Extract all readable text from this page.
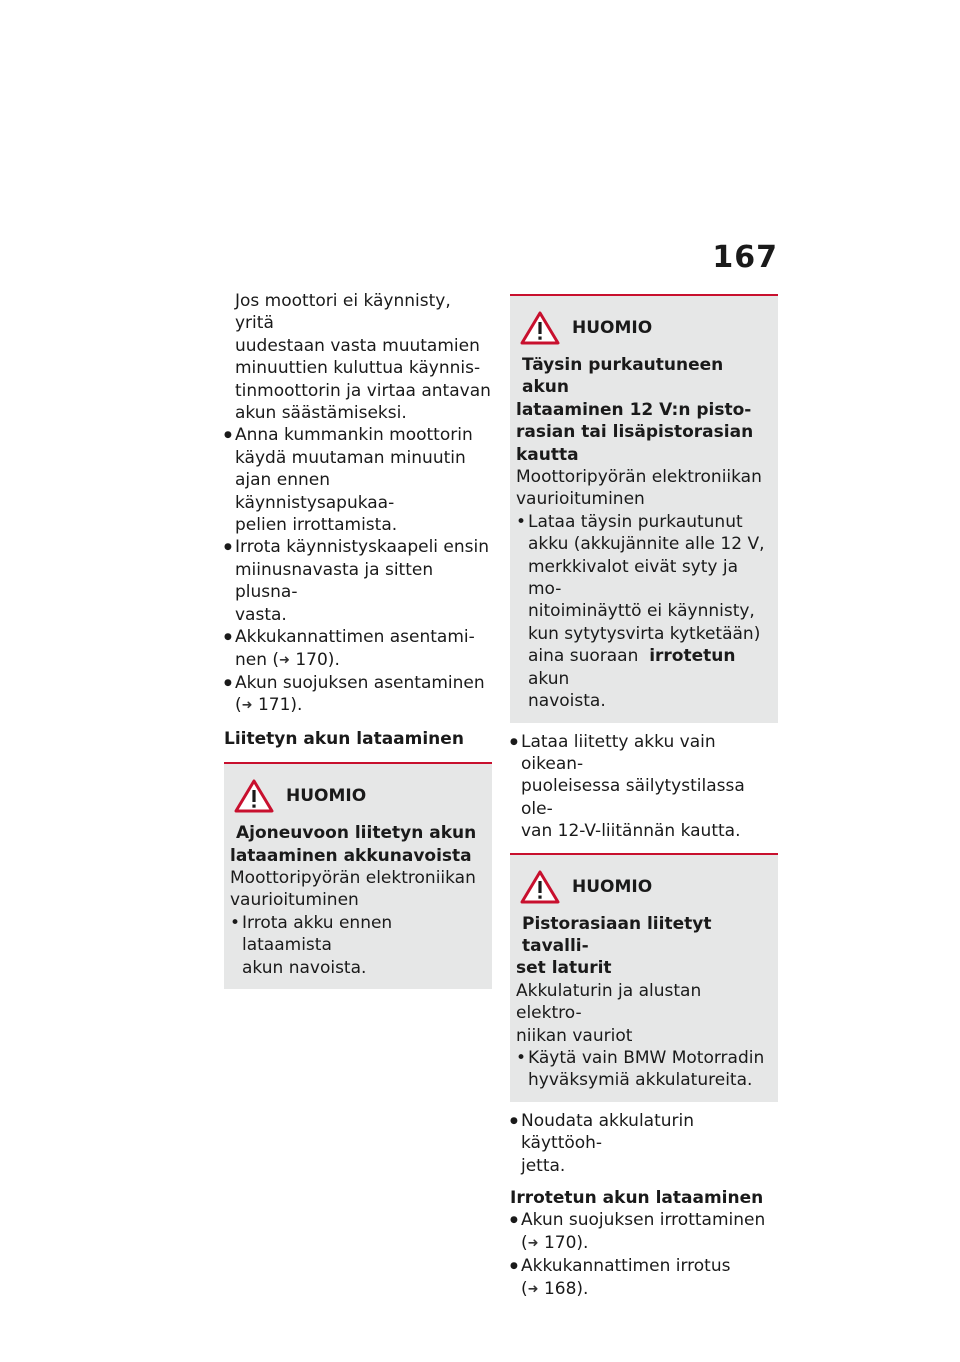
167
Jos moottori ei käynnisty, yritä
uudestaan vasta muutamien
minuuttien kuluttua käynnis-
tinmoottorin ja virtaa antavan
akun säästämiseksi.
● Anna kummankin moottorin
käydä muutaman minuutin
ajan ennen käynnistysapukaa-
pelien irrottamista.
● Irrota käynnistyskaapeli ensin
miinusnavasta ja sitten plusna-
vasta.
● Akkukannattimen asentami-
nen (➜ 170).
● Akun suojuksen asentaminen
(➜ 171).
Liitetyn akun lataaminen
HUOMIO
Ajoneuvoon liitetyn akun
lataaminen akkunavoista
Moottoripyörän elektroniikan
vaurioituminen
• Irrota akku ennen lataamista
akun navoista.
HUOMIO
Täysin purkautuneen akun
lataaminen 12 V:n pisto-
rasian tai lisäpistorasian
kautta
Moottoripyörän elektroniikan
vaurioituminen
• Lataa täysin purkautunut
akku (akkujännite alle 12 V,
merkkivalot eivät syty ja mo-
nitoiminäyttö ei käynnisty,
kun sytytysvirta kytketään)
aina suoraan irrotetun akun
navoista.
● Lataa liitetty akku vain oikean-
puoleisessa säilytystilassa ole-
van 12-V-liitännän kautta.
HUOMIO
Pistorasiaan liitetyt tavalli-
set laturit
Akkulaturin ja alustan elektro-
niikan vauriot
• Käytä vain BMW Motorradin
hyväksymiä akkulatureita.
● Noudata akkulaturin käyttöoh-
jetta.
Irrotetun akun lataaminen
● Akun suojuksen irrottaminen
(➜ 170).
● Akkukannattimen irrotus
(➜ 168).
